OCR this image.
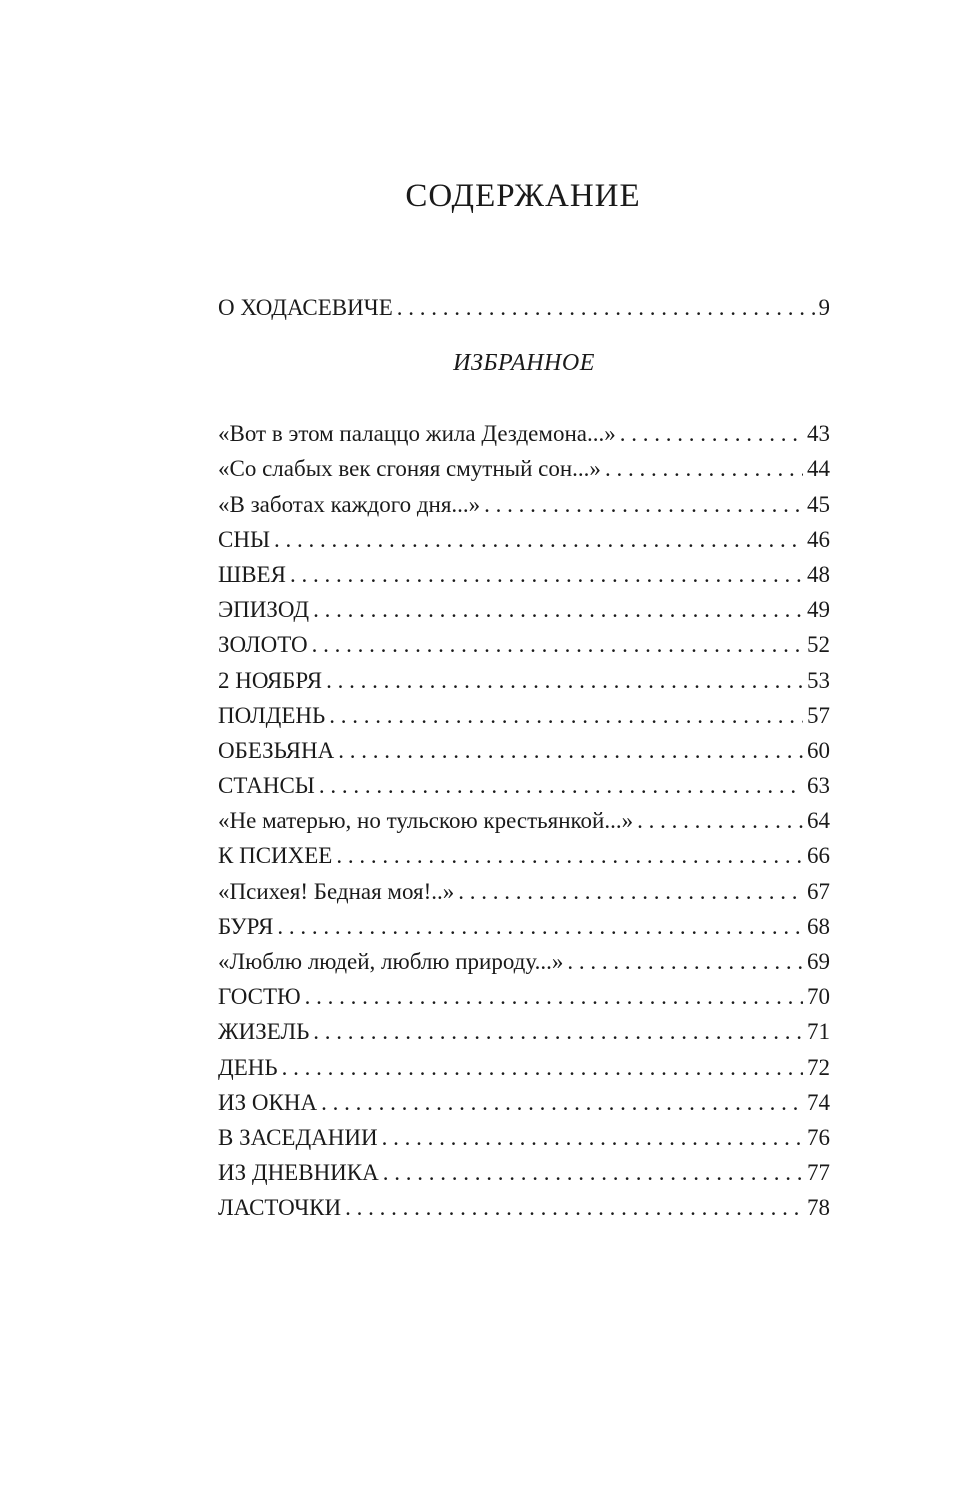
СОДЕРЖАНИЕ
О ХОДАСЕВИЧЕ . . .	9
ИЗБРАННОЕ
«Вот в этом палаццо жила Дездемона...» . . .	43
«Со слабых век сгоняя смутный сон...» . . .	44
«В заботах каждого дня...» . . .	45
СНЫ . . .	46
ШВЕЯ . . .	48
ЭПИЗОД . . .	49
ЗОЛОТО . . .	52
2 НОЯБРЯ . . .	53
ПОЛДЕНЬ . . .	57
ОБЕЗЬЯНА . . .	60
СТАНСЫ . . .	63
«Не матерью, но тульскою крестьянкой...» . . .	64
К ПСИХЕЕ . . .	66
«Психея! Бедная моя!..» . . .	67
БУРЯ . . .	68
«Люблю людей, люблю природу...» . . .	69
ГОСТЮ . . .	70
ЖИЗЕЛЬ . . .	71
ДЕНЬ . . .	72
ИЗ ОКНА . . .	74
В ЗАСЕДАНИИ . . .	76
ИЗ ДНЕВНИКА . . .	77
ЛАСТОЧКИ . . .	78
